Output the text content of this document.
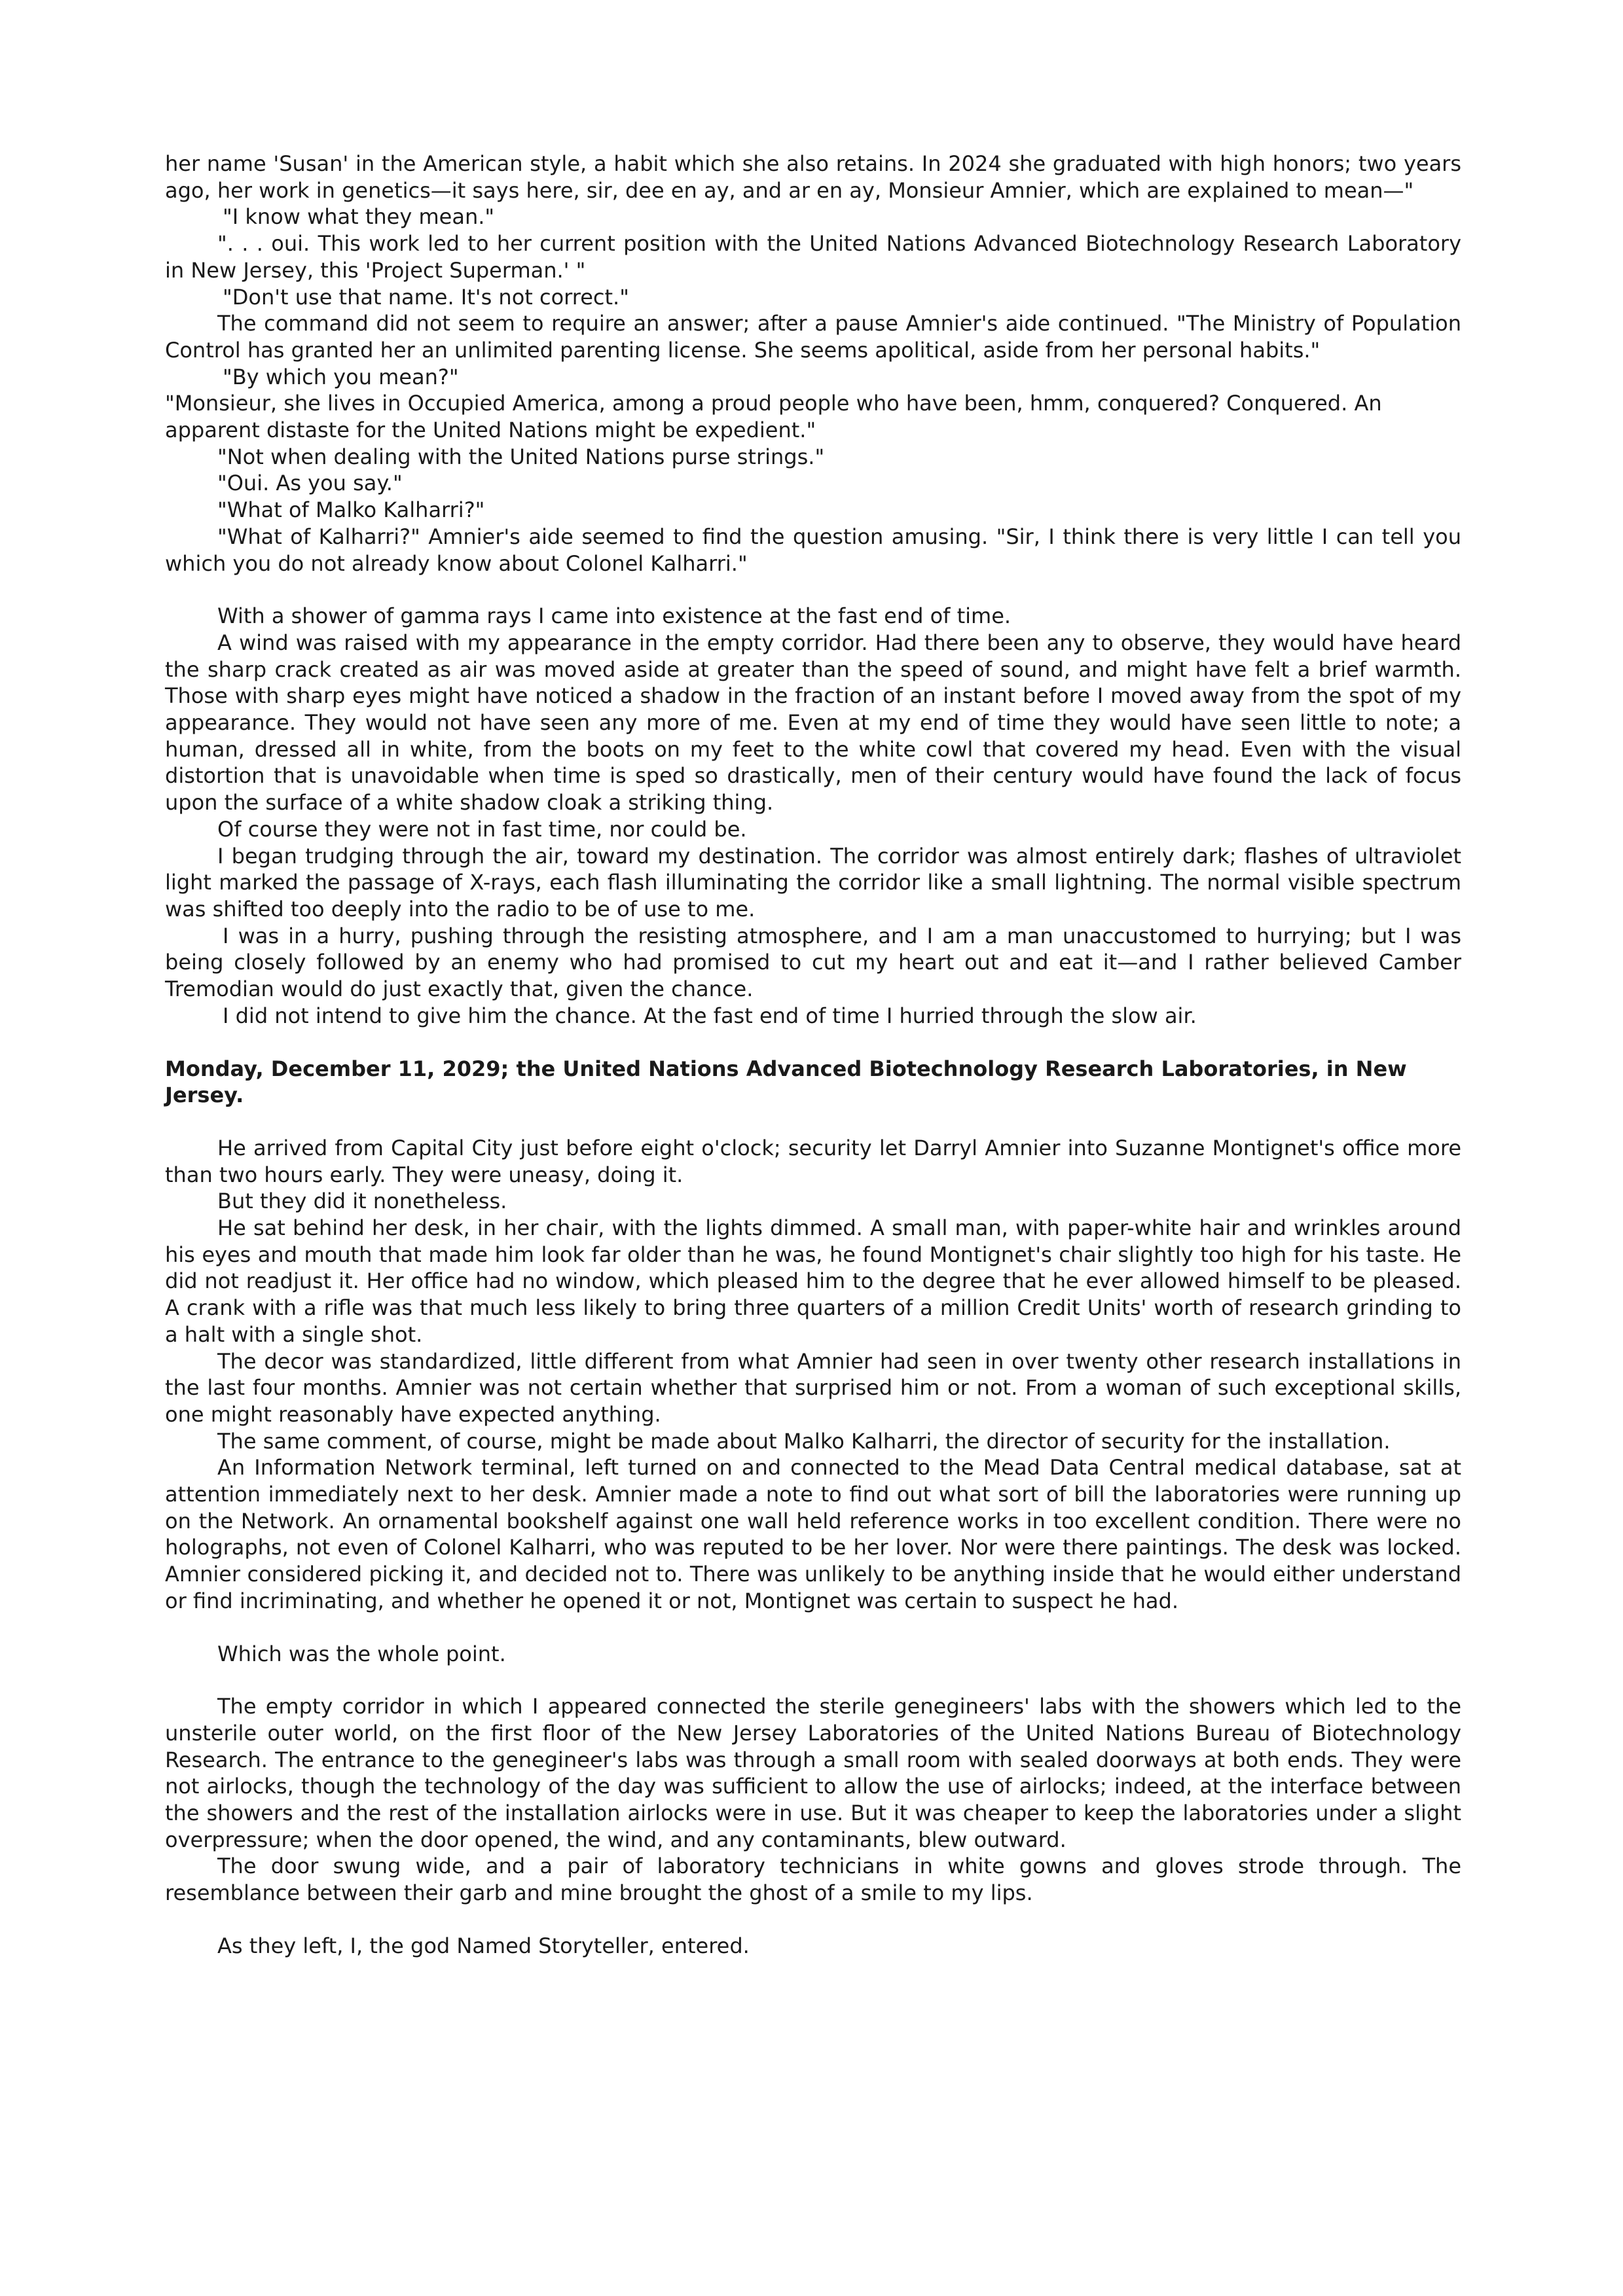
her name 'Susan' in the American style, a habit which she also retains. In 2024 she graduated with high honors; two years ago, her work in genetics—it says here, sir, dee en ay, and ar en ay, Monsieur Amnier, which are explained to mean—"

"I know what they mean."

". . . oui. This work led to her current position with the United Nations Advanced Biotechnology Research Laboratory in New Jersey, this 'Project Superman.' "

"Don't use that name. It's not correct."

The command did not seem to require an answer; after a pause Amnier's aide continued. "The Ministry of Population Control has granted her an unlimited parenting license. She seems apolitical, aside from her personal habits."

"By which you mean?"

"Monsieur, she lives in Occupied America, among a proud people who have been, hmm, conquered? Conquered. An apparent distaste for the United Nations might be expedient."

"Not when dealing with the United Nations purse strings."

"Oui. As you say."

"What of Malko Kalharri?"

"What of Kalharri?" Amnier's aide seemed to find the question amusing. "Sir, I think there is very little I can tell you which you do not already know about Colonel Kalharri."

With a shower of gamma rays I came into existence at the fast end of time.

A wind was raised with my appearance in the empty corridor. Had there been any to observe, they would have heard the sharp crack created as air was moved aside at greater than the speed of sound, and might have felt a brief warmth. Those with sharp eyes might have noticed a shadow in the fraction of an instant before I moved away from the spot of my appearance. They would not have seen any more of me. Even at my end of time they would have seen little to note; a human, dressed all in white, from the boots on my feet to the white cowl that covered my head. Even with the visual distortion that is unavoidable when time is sped so drastically, men of their century would have found the lack of focus upon the surface of a white shadow cloak a striking thing.

Of course they were not in fast time, nor could be.

I began trudging through the air, toward my destination. The corridor was almost entirely dark; flashes of ultraviolet light marked the passage of X-rays, each flash illuminating the corridor like a small lightning. The normal visible spectrum was shifted too deeply into the radio to be of use to me.

I was in a hurry, pushing through the resisting atmosphere, and I am a man unaccustomed to hurrying; but I was being closely followed by an enemy who had promised to cut my heart out and eat it—and I rather believed Camber Tremodian would do just exactly that, given the chance.

I did not intend to give him the chance. At the fast end of time I hurried through the slow air.

Monday, December 11, 2029; the United Nations Advanced Biotechnology Research Laboratories, in New Jersey.

He arrived from Capital City just before eight o'clock; security let Darryl Amnier into Suzanne Montignet's office more than two hours early. They were uneasy, doing it.

But they did it nonetheless.

He sat behind her desk, in her chair, with the lights dimmed. A small man, with paper-white hair and wrinkles around his eyes and mouth that made him look far older than he was, he found Montignet's chair slightly too high for his taste. He did not readjust it. Her office had no window, which pleased him to the degree that he ever allowed himself to be pleased. A crank with a rifle was that much less likely to bring three quarters of a million Credit Units' worth of research grinding to a halt with a single shot.

The decor was standardized, little different from what Amnier had seen in over twenty other research installations in the last four months. Amnier was not certain whether that surprised him or not. From a woman of such exceptional skills, one might reasonably have expected anything.

The same comment, of course, might be made about Malko Kalharri, the director of security for the installation.

An Information Network terminal, left turned on and connected to the Mead Data Central medical database, sat at attention immediately next to her desk. Amnier made a note to find out what sort of bill the laboratories were running up on the Network. An ornamental bookshelf against one wall held reference works in too excellent condition. There were no holographs, not even of Colonel Kalharri, who was reputed to be her lover. Nor were there paintings. The desk was locked. Amnier considered picking it, and decided not to. There was unlikely to be anything inside that he would either understand or find incriminating, and whether he opened it or not, Montignet was certain to suspect he had.

Which was the whole point.

The empty corridor in which I appeared connected the sterile genegineers' labs with the showers which led to the unsterile outer world, on the first floor of the New Jersey Laboratories of the United Nations Bureau of Biotechnology Research. The entrance to the genegineer's labs was through a small room with sealed doorways at both ends. They were not airlocks, though the technology of the day was sufficient to allow the use of airlocks; indeed, at the interface between the showers and the rest of the installation airlocks were in use. But it was cheaper to keep the laboratories under a slight overpressure; when the door opened, the wind, and any contaminants, blew outward.

The door swung wide, and a pair of laboratory technicians in white gowns and gloves strode through. The resemblance between their garb and mine brought the ghost of a smile to my lips.

As they left, I, the god Named Storyteller, entered.
